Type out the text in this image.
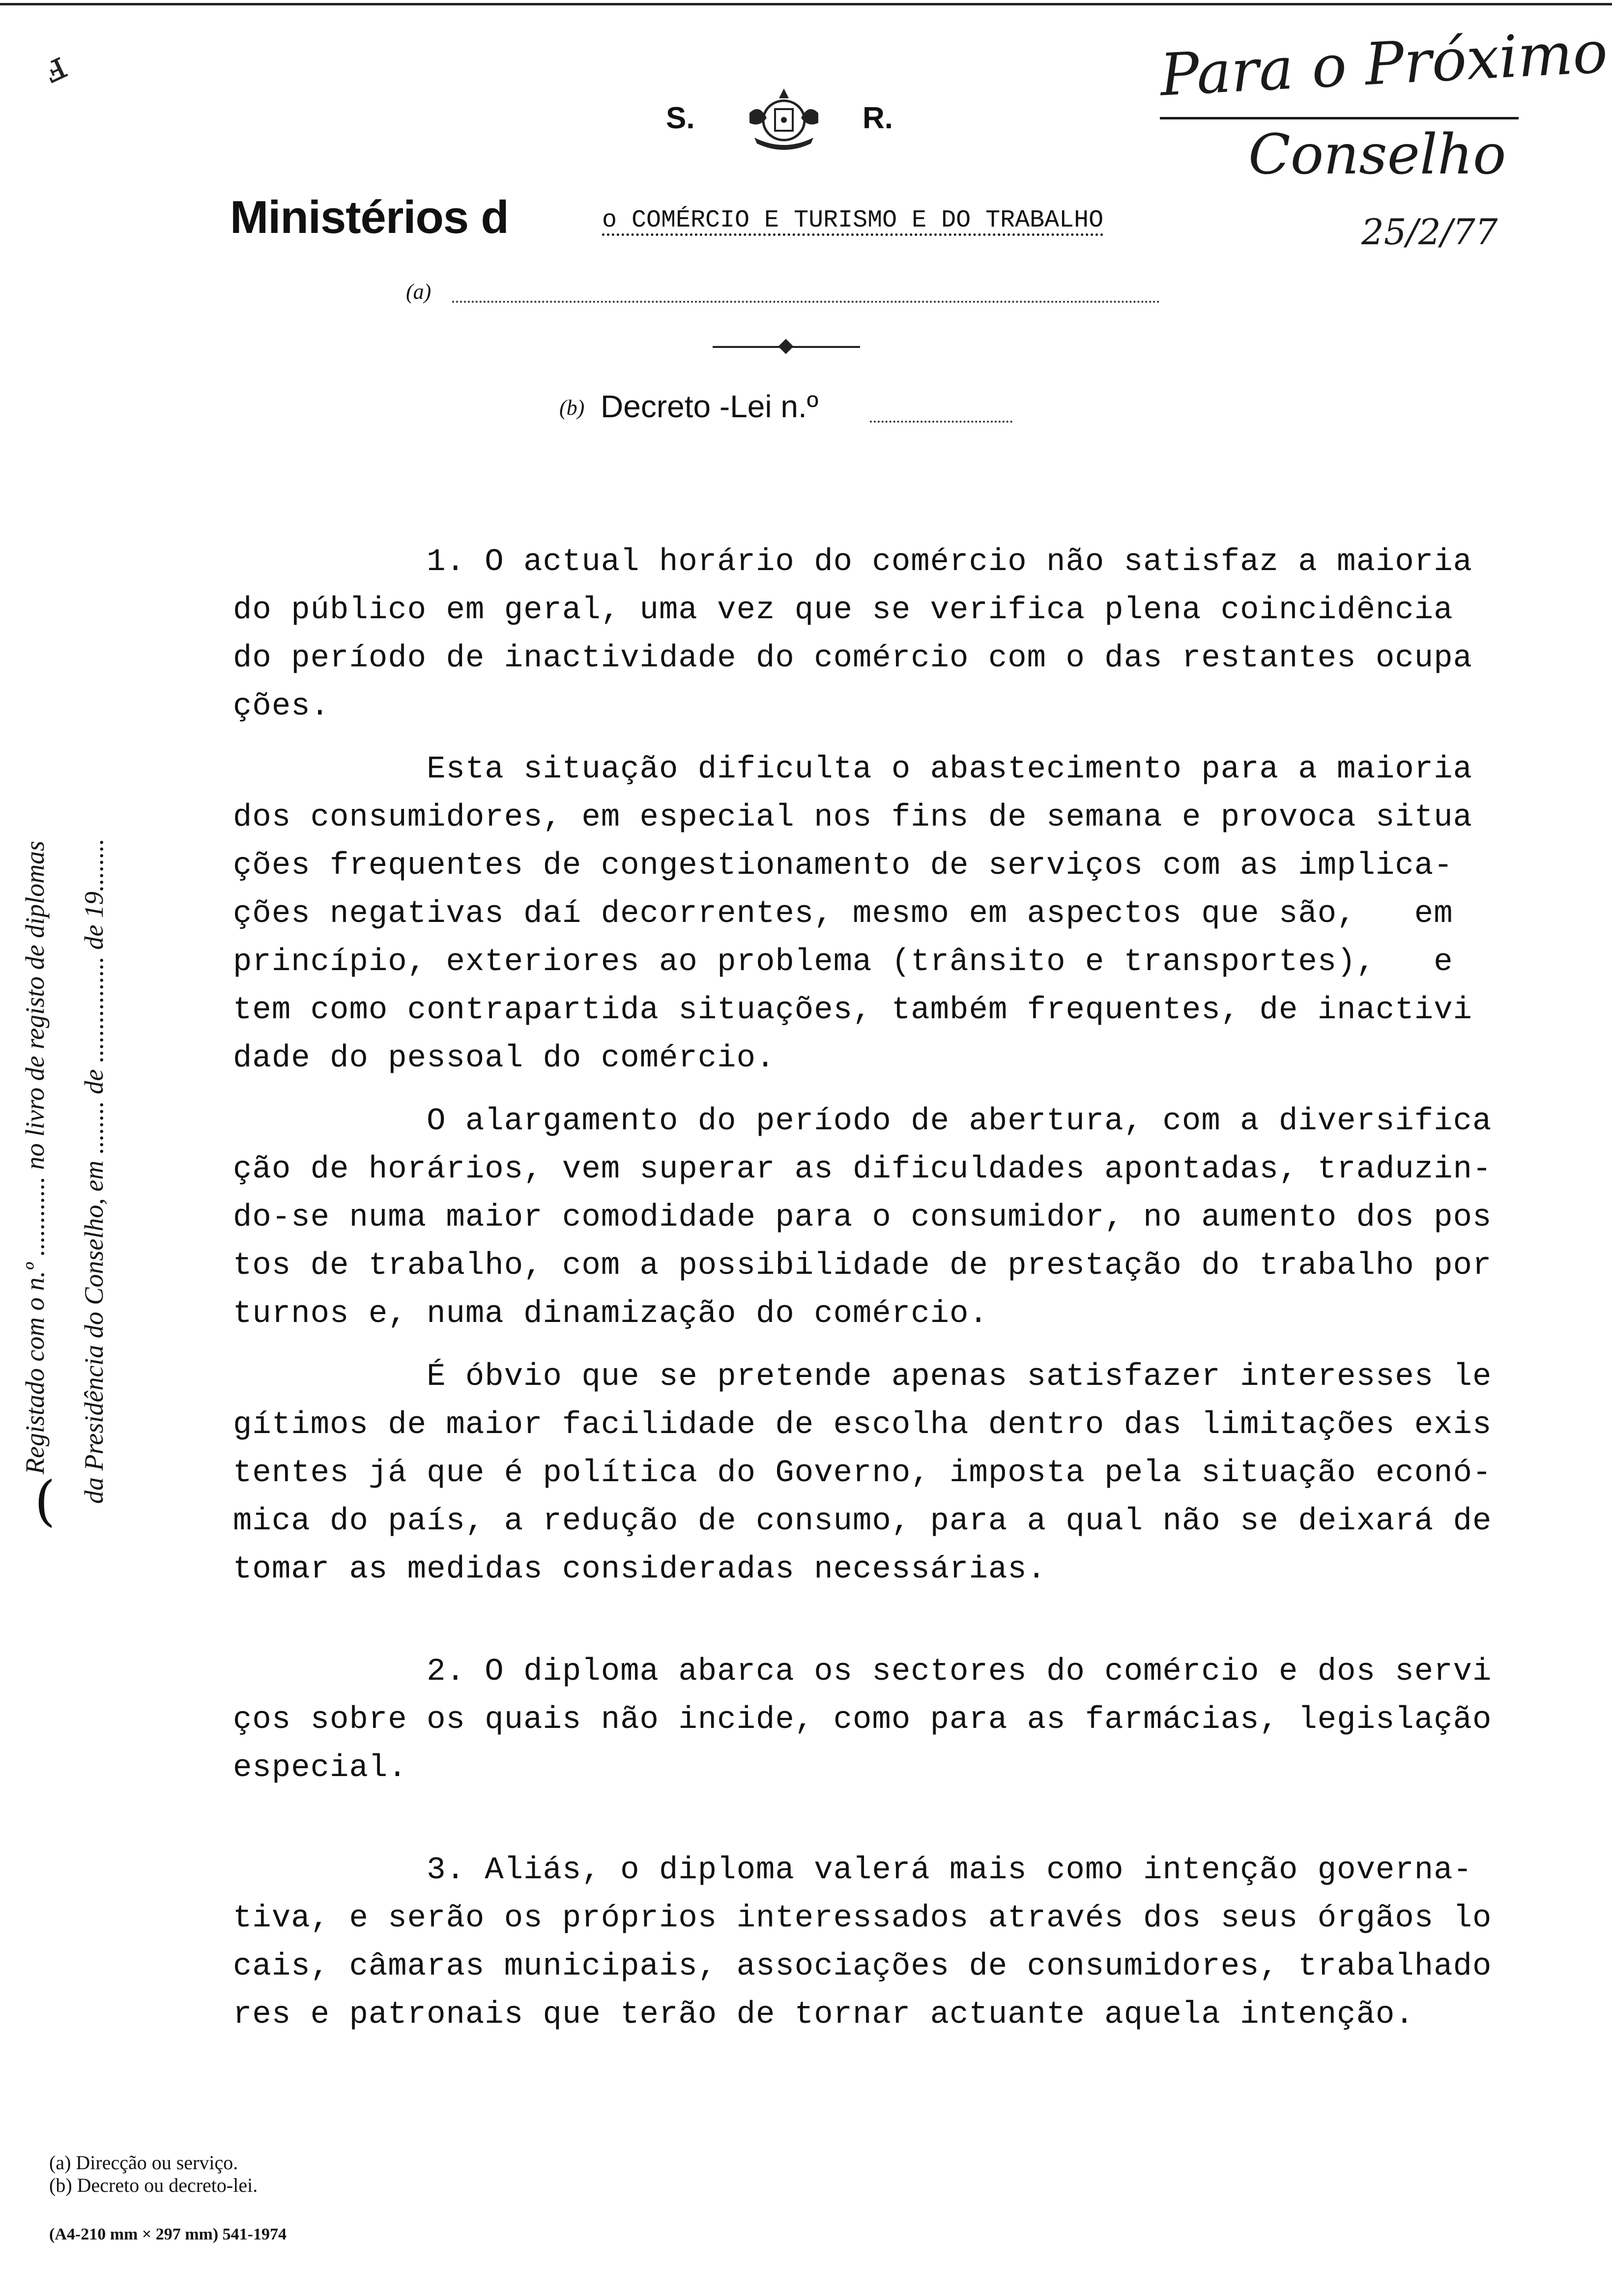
ⅎ
S.	R.
Ministérios d	o COMÉRCIO E TURISMO E DO TRABALHO
(a)
(b) Decreto -Lei n.º
Para o Próximo
Conselho
25/2/77
(
Registado com o n.º ............ no livro de registo de diplomas da Presidência do Conselho, em ........ de ................ de 19........

1. O actual horário do comércio não satisfaz a maioria
do público em geral, uma vez que se verifica plena coincidência
do período de inactividade do comércio com o das restantes ocupa
ções.

Esta situação dificulta o abastecimento para a maioria
dos consumidores, em especial nos fins de semana e provoca situa
ções frequentes de congestionamento de serviços com as implica-
ções negativas daí decorrentes, mesmo em aspectos que são,   em
princípio, exteriores ao problema (trânsito e transportes),   e
tem como contrapartida situações, também frequentes, de inactivi
dade do pessoal do comércio.

O alargamento do período de abertura, com a diversifica
ção de horários, vem superar as dificuldades apontadas, traduzin-
do-se numa maior comodidade para o consumidor, no aumento dos pos
tos de trabalho, com a possibilidade de prestação do trabalho por
turnos e, numa dinamização do comércio.

É óbvio que se pretende apenas satisfazer interesses le
gítimos de maior facilidade de escolha dentro das limitações exis
tentes já que é política do Governo, imposta pela situação econó-
mica do país, a redução de consumo, para a qual não se deixará de
tomar as medidas consideradas necessárias.

2. O diploma abarca os sectores do comércio e dos servi
ços sobre os quais não incide, como para as farmácias, legislação
especial.

3. Aliás, o diploma valerá mais como intenção governa-
tiva, e serão os próprios interessados através dos seus órgãos lo
cais, câmaras municipais, associações de consumidores, trabalhado
res e patronais que terão de tornar actuante aquela intenção.

(a) Direcção ou serviço.
(b) Decreto ou decreto-lei.
(A4-210 mm × 297 mm) 541-1974
